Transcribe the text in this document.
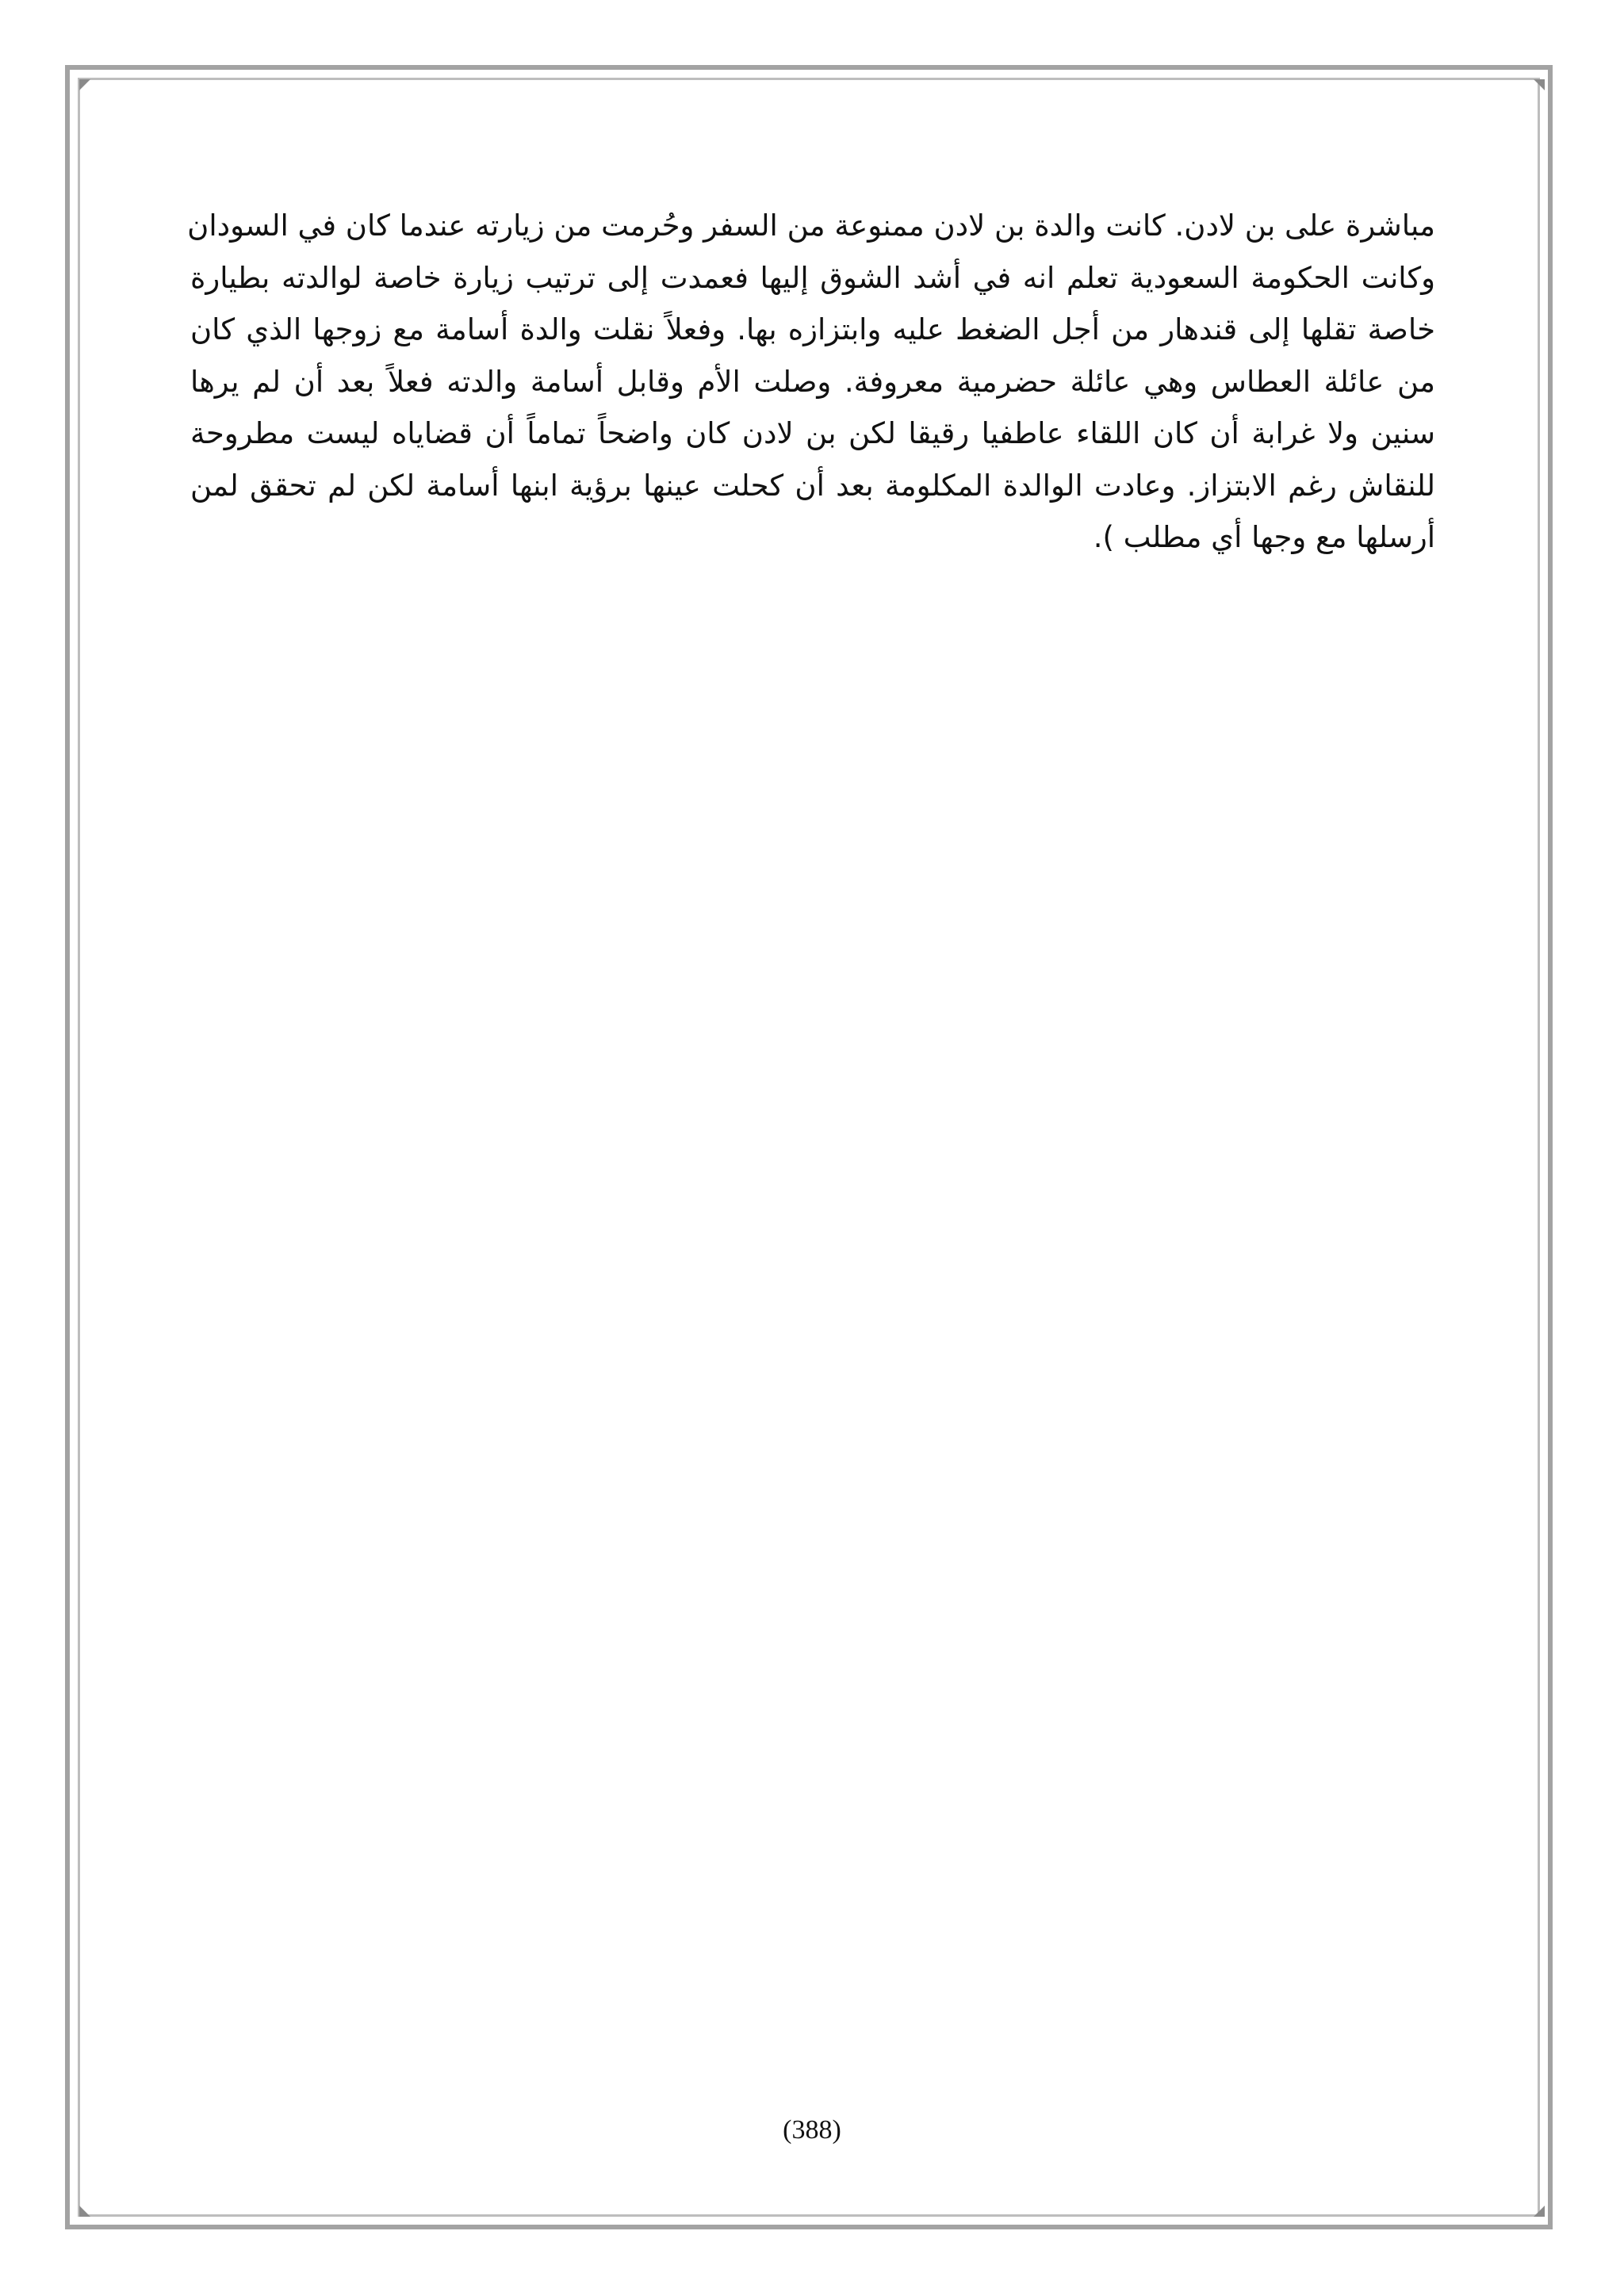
مباشرة على بن لادن. كانت والدة بن لادن ممنوعة من السفر وحُرمت من زيارته عندما كان في السودان
وكانت الحكومة السعودية تعلم انه في أشد الشوق إليها فعمدت إلى ترتيب زيارة خاصة لوالدته بطيارة
خاصة تقلها إلى قندهار من أجل الضغط عليه وابتزازه بها. وفعلاً نقلت والدة أسامة مع زوجها الذي كان
من عائلة العطاس وهي عائلة حضرمية معروفة. وصلت الأم وقابل أسامة والدته فعلاً بعد أن لم يرها
سنين ولا غرابة أن كان اللقاء عاطفيا رقيقا لكن بن لادن كان واضحاً تماماً أن قضاياه ليست مطروحة
للنقاش رغم الابتزاز. وعادت الوالدة المكلومة بعد أن كحلت عينها برؤية ابنها أسامة لكن لم تحقق لمن
أرسلها مع وجها أي مطلب ).
(388)
